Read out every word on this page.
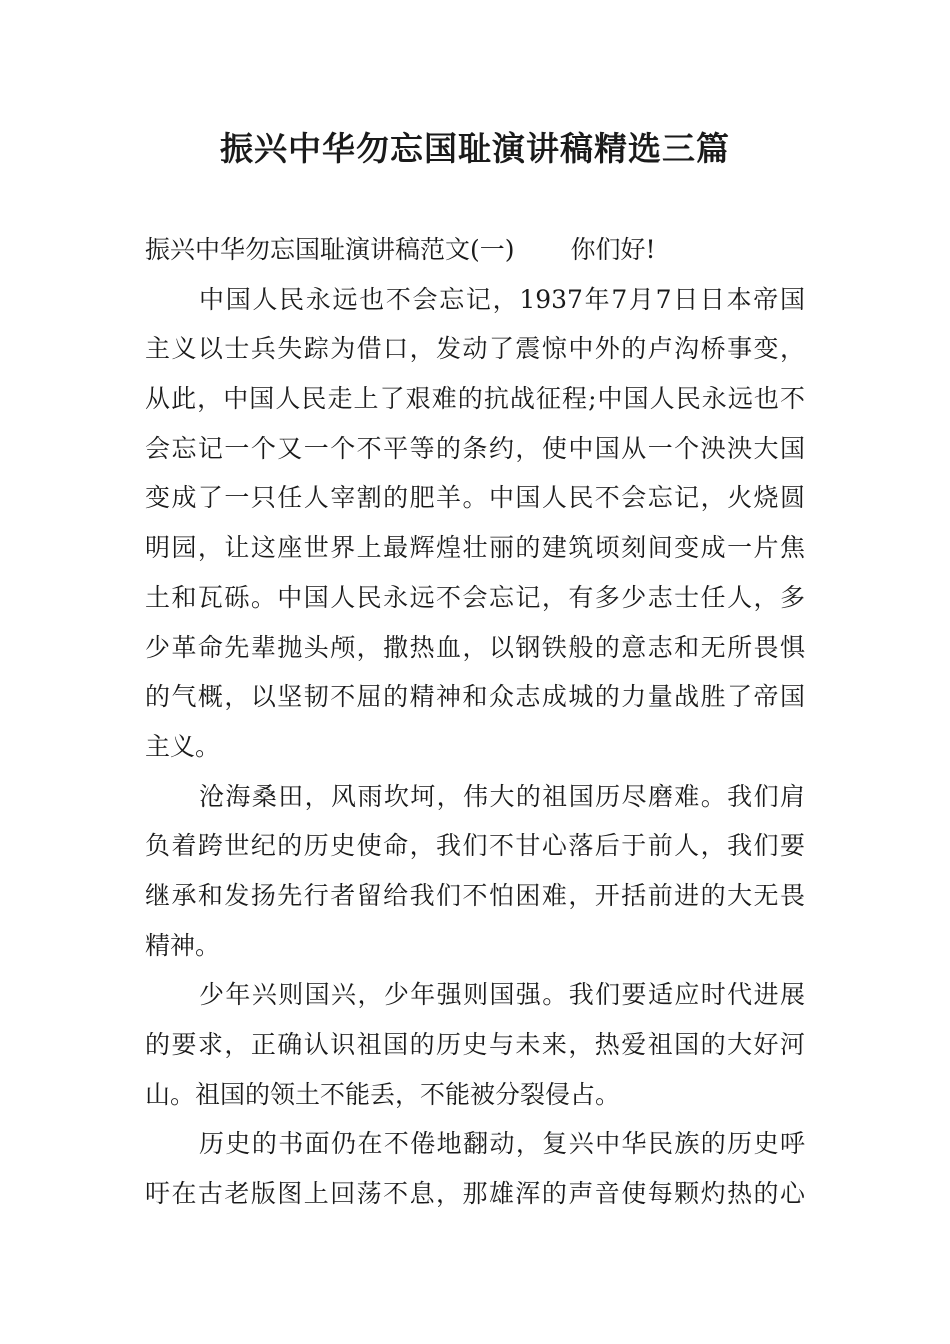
振兴中华勿忘国耻演讲稿精选三篇
振兴中华勿忘国耻演讲稿范文(一) 你们好!
中国人民永远也不会忘记，1937年7月7日日本帝国
主义以士兵失踪为借口，发动了震惊中外的卢沟桥事变，
从此，中国人民走上了艰难的抗战征程;中国人民永远也不
会忘记一个又一个不平等的条约，使中国从一个泱泱大国
变成了一只任人宰割的肥羊。中国人民不会忘记，火烧圆
明园，让这座世界上最辉煌壮丽的建筑顷刻间变成一片焦
土和瓦砾。中国人民永远不会忘记，有多少志士任人，多
少革命先辈抛头颅，撒热血，以钢铁般的意志和无所畏惧
的气概，以坚韧不屈的精神和众志成城的力量战胜了帝国
主义。
沧海桑田，风雨坎坷，伟大的祖国历尽磨难。我们肩
负着跨世纪的历史使命，我们不甘心落后于前人，我们要
继承和发扬先行者留给我们不怕困难，开括前进的大无畏
精神。
少年兴则国兴，少年强则国强。我们要适应时代进展
的要求，正确认识祖国的历史与未来，热爱祖国的大好河
山。祖国的领土不能丢，不能被分裂侵占。
历史的书面仍在不倦地翻动，复兴中华民族的历史呼
吁在古老版图上回荡不息，那雄浑的声音使每颗灼热的心
